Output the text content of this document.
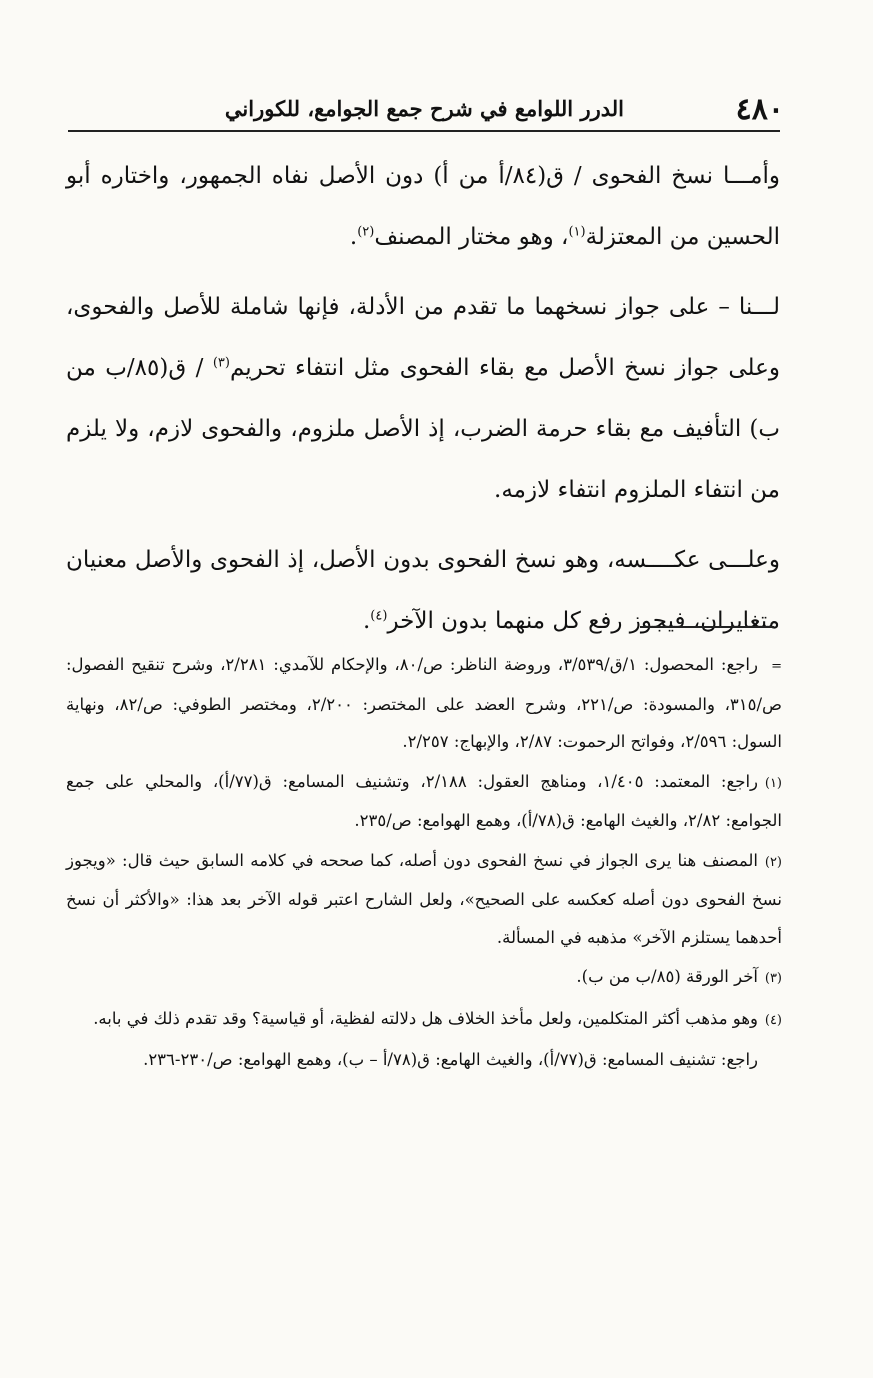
٤٨٠
الدرر اللوامع في شرح جمع الجوامع، للكوراني

وأمـــا نسخ الفحوى / ق(٨٤/أ من أ) دون الأصل نفاه الجمهور، واختاره أبو الحسين من المعتزلة$^{(١)}$، وهو مختار المصنف$^{(٢)}$.

لـــنا – على جواز نسخهما ما تقدم من الأدلة، فإنها شاملة للأصل والفحوى، وعلى جواز نسخ الأصل مع بقاء الفحوى مثل انتفاء تحريم$^{(٣)}$ / ق(٨٥/ب من ب) التأفيف مع بقاء حرمة الضرب، إذ الأصل ملزوم، والفحوى لازم، ولا يلزم من انتفاء الملزوم انتفاء لازمه.

وعلـــى عكــــسه، وهو نسخ الفحوى بدون الأصل، إذ الفحوى والأصل معنيان متغايران، فيجوز رفع كل منهما بدون الآخر$^{(٤)}$.

=راجع: المحصول: ١/ق/٣/٥٣٩، وروضة الناظر: ص/٨٠، والإحكام للآمدي: ٢/٢٨١، وشرح تنقيح الفصول: ص/٣١٥، والمسودة: ص/٢٢١، وشرح العضد على المختصر: ٢/٢٠٠، ومختصر الطوفي: ص/٨٢، ونهاية السول: ٢/٥٩٦، وفواتح الرحموت: ٢/٨٧، والإبهاج: ٢/٢٥٧.

(١)راجع: المعتمد: ١/٤٠٥، ومناهج العقول: ٢/١٨٨، وتشنيف المسامع: ق(٧٧/أ)، والمحلي على جمع الجوامع: ٢/٨٢، والغيث الهامع: ق(٧٨/أ)، وهمع الهوامع: ص/٢٣٥.

(٢)المصنف هنا يرى الجواز في نسخ الفحوى دون أصله، كما صححه في كلامه السابق حيث قال: «ويجوز نسخ الفحوى دون أصله كعكسه على الصحيح»، ولعل الشارح اعتبر قوله الآخر بعد هذا: «والأكثر أن نسخ أحدهما يستلزم الآخر» مذهبه في المسألة.

(٣)آخر الورقة (٨٥/ب من ب).

(٤)وهو مذهب أكثر المتكلمين، ولعل مأخذ الخلاف هل دلالته لفظية، أو قياسية؟ وقد تقدم ذلك في بابه.

راجع: تشنيف المسامع: ق(٧٧/أ)، والغيث الهامع: ق(٧٨/أ – ب)، وهمع الهوامع: ص/٢٣٠-٢٣٦.
